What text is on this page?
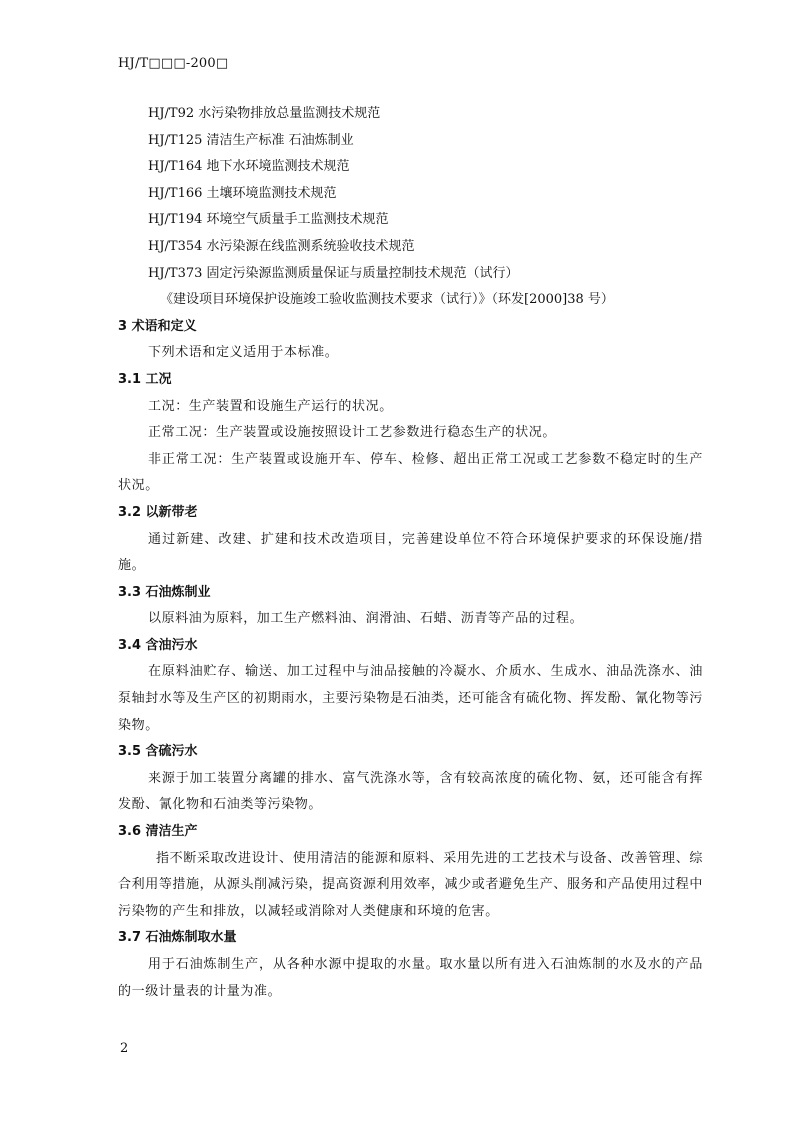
HJ/T□□□-200□

HJ/T92 水污染物排放总量监测技术规范

HJ/T125 清洁生产标准 石油炼制业

HJ/T164 地下水环境监测技术规范

HJ/T166 土壤环境监测技术规范

HJ/T194 环境空气质量手工监测技术规范

HJ/T354 水污染源在线监测系统验收技术规范

HJ/T373 固定污染源监测质量保证与质量控制技术规范（试行）

《建设项目环境保护设施竣工验收监测技术要求（试行）》（环发[2000]38 号）

3 术语和定义

下列术语和定义适用于本标准。

3.1 工况

工况：生产装置和设施生产运行的状况。

正常工况：生产装置或设施按照设计工艺参数进行稳态生产的状况。

非正常工况：生产装置或设施开车、停车、检修、超出正常工况或工艺参数不稳定时的生产状况。

3.2 以新带老

通过新建、改建、扩建和技术改造项目，完善建设单位不符合环境保护要求的环保设施/措施。

3.3 石油炼制业

以原料油为原料，加工生产燃料油、润滑油、石蜡、沥青等产品的过程。

3.4 含油污水

在原料油贮存、输送、加工过程中与油品接触的冷凝水、介质水、生成水、油品洗涤水、油泵轴封水等及生产区的初期雨水，主要污染物是石油类，还可能含有硫化物、挥发酚、氰化物等污染物。

3.5 含硫污水

来源于加工装置分离罐的排水、富气洗涤水等，含有较高浓度的硫化物、氨，还可能含有挥发酚、氰化物和石油类等污染物。

3.6 清洁生产

指不断采取改进设计、使用清洁的能源和原料、采用先进的工艺技术与设备、改善管理、综合利用等措施，从源头削减污染，提高资源利用效率，减少或者避免生产、服务和产品使用过程中污染物的产生和排放，以减轻或消除对人类健康和环境的危害。

3.7 石油炼制取水量

用于石油炼制生产，从各种水源中提取的水量。取水量以所有进入石油炼制的水及水的产品的一级计量表的计量为准。

2
